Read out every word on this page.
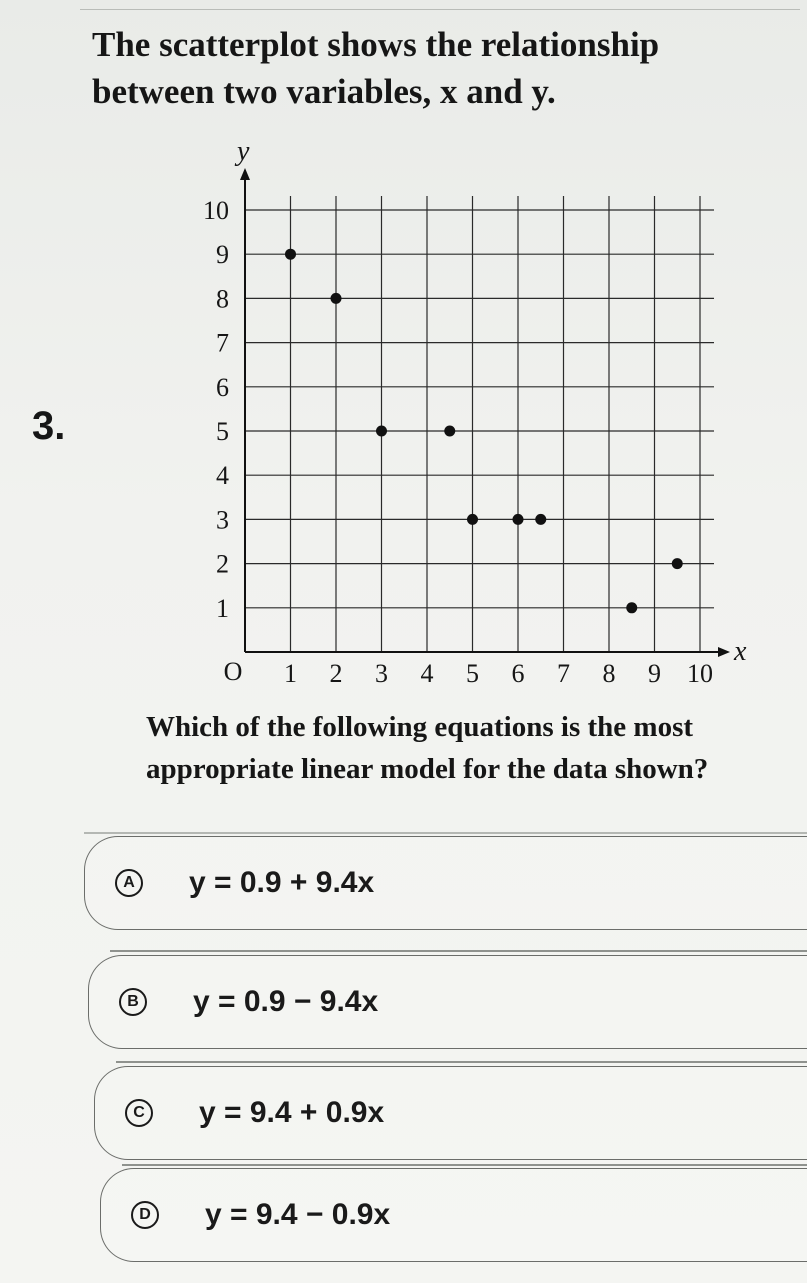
The scatterplot shows the relationship between two variables, x and y.
3.
x
y
O 1 2 3 4 5 6 7 8 9 10
1
2
3
4
5
6
7
8
9
10
Which of the following equations is the most appropriate linear model for the data shown?
A y = 0.9 + 9.4x
B y = 0.9 − 9.4x
C y = 9.4 + 0.9x
D y = 9.4 − 0.9x
